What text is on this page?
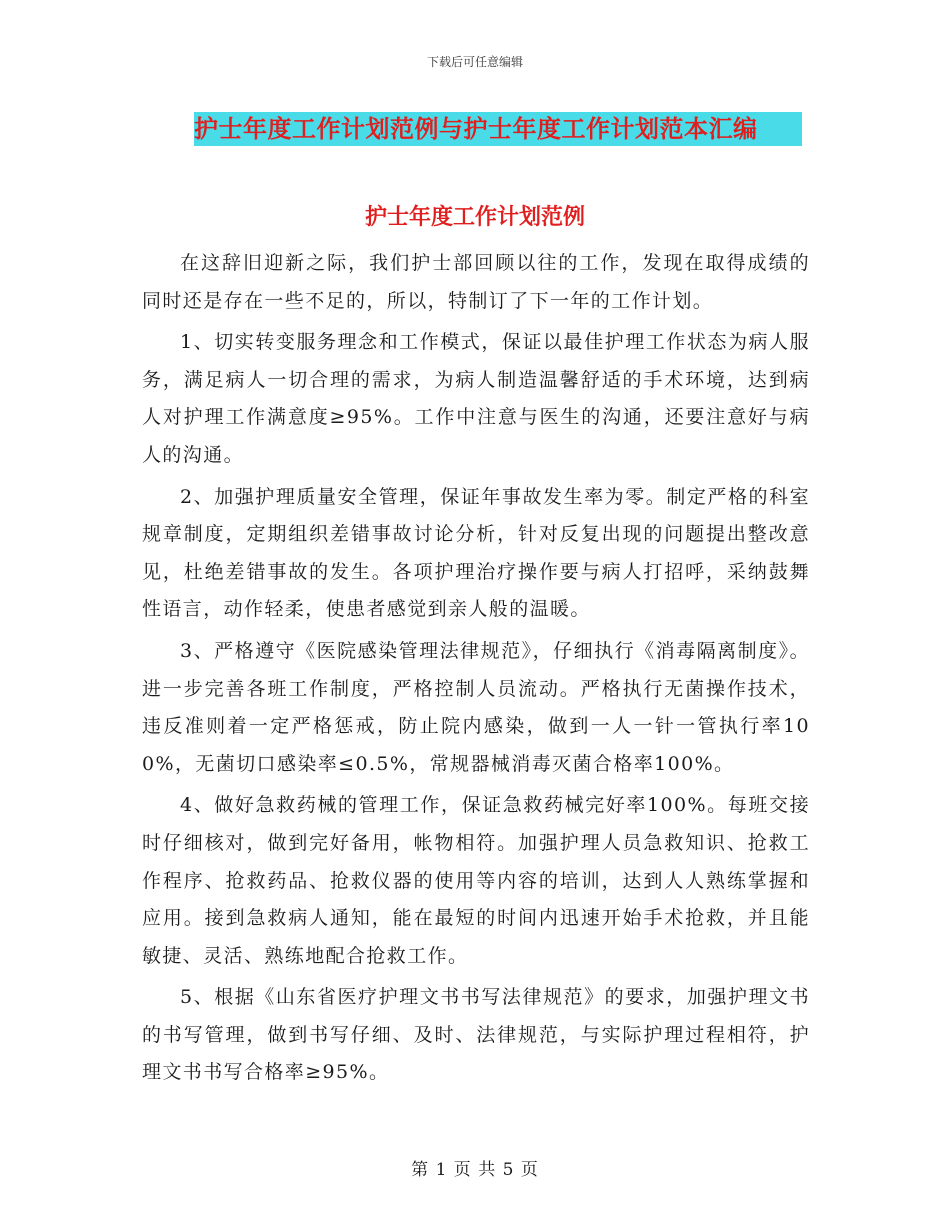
下载后可任意编辑
护士年度工作计划范例与护士年度工作计划范本汇编
护士年度工作计划范例

在这辞旧迎新之际，我们护士部回顾以往的工作，发现在取得成绩的同时还是存在一些不足的，所以，特制订了下一年的工作计划。

1、切实转变服务理念和工作模式，保证以最佳护理工作状态为病人服务，满足病人一切合理的需求，为病人制造温馨舒适的手术环境，达到病人对护理工作满意度≥95%。工作中注意与医生的沟通，还要注意好与病人的沟通。

2、加强护理质量安全管理，保证年事故发生率为零。制定严格的科室规章制度，定期组织差错事故讨论分析，针对反复出现的问题提出整改意见，杜绝差错事故的发生。各项护理治疗操作要与病人打招呼，采纳鼓舞性语言，动作轻柔，使患者感觉到亲人般的温暖。

3、严格遵守《医院感染管理法律规范》，仔细执行《消毒隔离制度》。进一步完善各班工作制度，严格控制人员流动。严格执行无菌操作技术，违反准则着一定严格惩戒，防止院内感染，做到一人一针一管执行率100%，无菌切口感染率≤0.5%，常规器械消毒灭菌合格率100%。

4、做好急救药械的管理工作，保证急救药械完好率100%。每班交接时仔细核对，做到完好备用，帐物相符。加强护理人员急救知识、抢救工作程序、抢救药品、抢救仪器的使用等内容的培训，达到人人熟练掌握和应用。接到急救病人通知，能在最短的时间内迅速开始手术抢救，并且能敏捷、灵活、熟练地配合抢救工作。

5、根据《山东省医疗护理文书书写法律规范》的要求，加强护理文书的书写管理，做到书写仔细、及时、法律规范，与实际护理过程相符，护理文书书写合格率≥95%。

第 1 页 共 5 页
